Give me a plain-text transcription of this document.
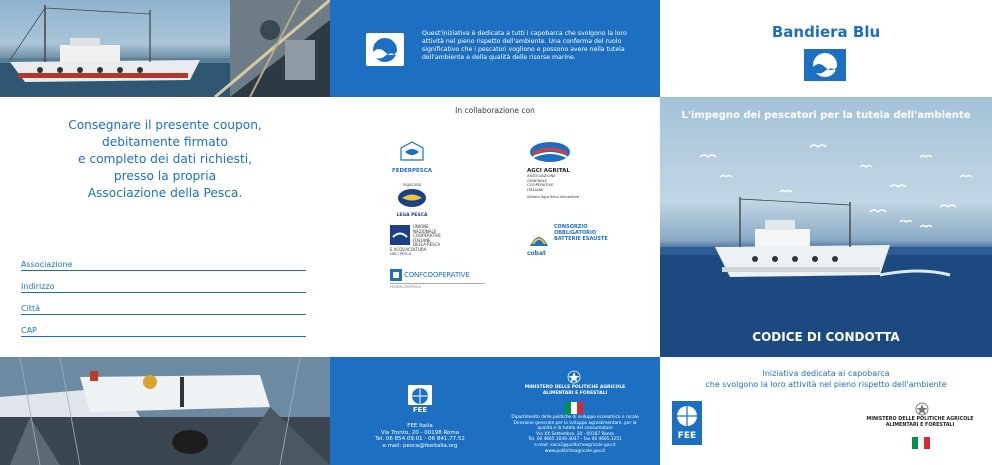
Quest'iniziativa è dedicata a tutti i capobarca che svolgono la loro attività nel pieno rispetto dell'ambiente. Una conferma del ruolo significativo che i pescatori vogliono e possono avere nella tutela dell'ambiente e della qualità delle risorse marine.
Bandiera Blu
Consegnare il presente coupon,
debitamente firmato
e completo dei dati richiesti,
presso la propria
Associazione della Pesca.
Associazione
Indirizzo
Città
CAP
In collaborazione con
FEDERPESCA
legacoop
LEGA PESCA
UNIONE
NAZIONALE
COOPERATIVE
ITALIANE
DELLA PESCA
E ACQUACOLTURA
UNCI PESCA
CONFCOOPERATIVE
FEDERCOOPESCA
AGCI AGRITAL
ASSOCIAZIONE
GENERALE
COOPERATIVE
ITALIANE
Settore Agro Ittico Alimentare
CONSORZIO
OBBLIGATORIO
BATTERIE ESAUSTE
cobat
L'impegno dei pescatori per la tutela dell'ambiente
CODICE DI CONDOTTA
FEE
FEE Italia
Via Tronto, 20 - 00198 Roma
Tel. 06 854.09.01 - 06 841.77.52
e.mail: pesca@feeitalia.org
MINISTERO DELLE POLITICHE AGRICOLE
ALIMENTARI E FORESTALI
Dipartimento delle politiche di sviluppo economico e rurale
Direzione generale per lo sviluppo agroalimentare, per la
qualità e la tutela del consumatore
Via XX Settembre, 20 - 00187 Roma
Tel. 06 4665.3046-3047 - fax 06 4665.3251
e.mail: saco2@politicheagricole.gov.it
www.politicheagricole.gov.it
Iniziativa dedicata ai capobarca
che svolgono la loro attività nel pieno rispetto dell'ambiente
FEE
MINISTERO DELLE POLITICHE AGRICOLE
ALIMENTARI E FORESTALI
